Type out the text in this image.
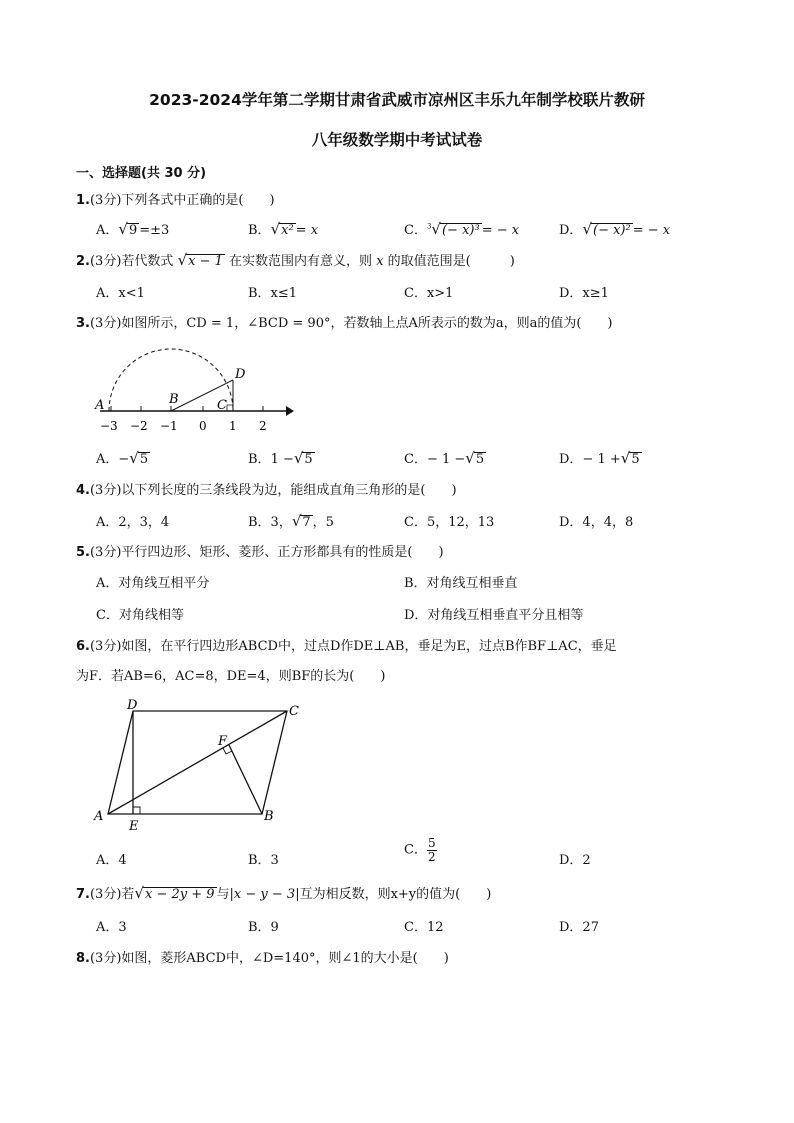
2023-2024学年第二学期甘肃省武威市凉州区丰乐九年制学校联片教研
八年级数学期中考试试卷
一、选择题(共 30 分)
1.(3分)下列各式中正确的是(　　)
A．√9 =±3	B．√x² = x	C．$^3$√(− x)³ = − x	D．√(− x)² = − x
2.(3分)若代数式 √x − 1 在实数范围内有意义，则 x 的取值范围是(　　　)
A．x<1	B．x≤1	C．x>1	D．x≥1
3.(3分)如图所示，CD = 1，∠BCD = 90°，若数轴上点A所表示的数为a，则a的值为(　　)
A	B	C
D
−3 −2 −1 0 1 2
A．−√5	B．1 −√5	C．− 1 −√5	D．− 1 +√5
4.(3分)以下列长度的三条线段为边，能组成直角三角形的是(　　)
A．2，3，4	B．3，√7 ，5	C．5，12，13	D．4，4，8
5.(3分)平行四边形、矩形、菱形、正方形都具有的性质是(　　)
A．对角线互相平分	B．对角线互相垂直
C．对角线相等	D．对角线互相垂直平分且相等
6.(3分)如图，在平行四边形ABCD中，过点D作DE⊥AB，垂足为E，过点B作BF⊥AC，垂足
为F．若AB=6，AC=8，DE=4，则BF的长为(　　)
A	B
C
D
E
F
A．4	B．3
C． $\frac{5}{2}$	D．2
7.(3分)若√x − 2y + 9 与|x − y − 3|互为相反数，则x+y的值为(　　)
A．3	B．9	C．12	D．27
8.(3分)如图，菱形ABCD中，∠D=140°，则∠1的大小是(　　)
